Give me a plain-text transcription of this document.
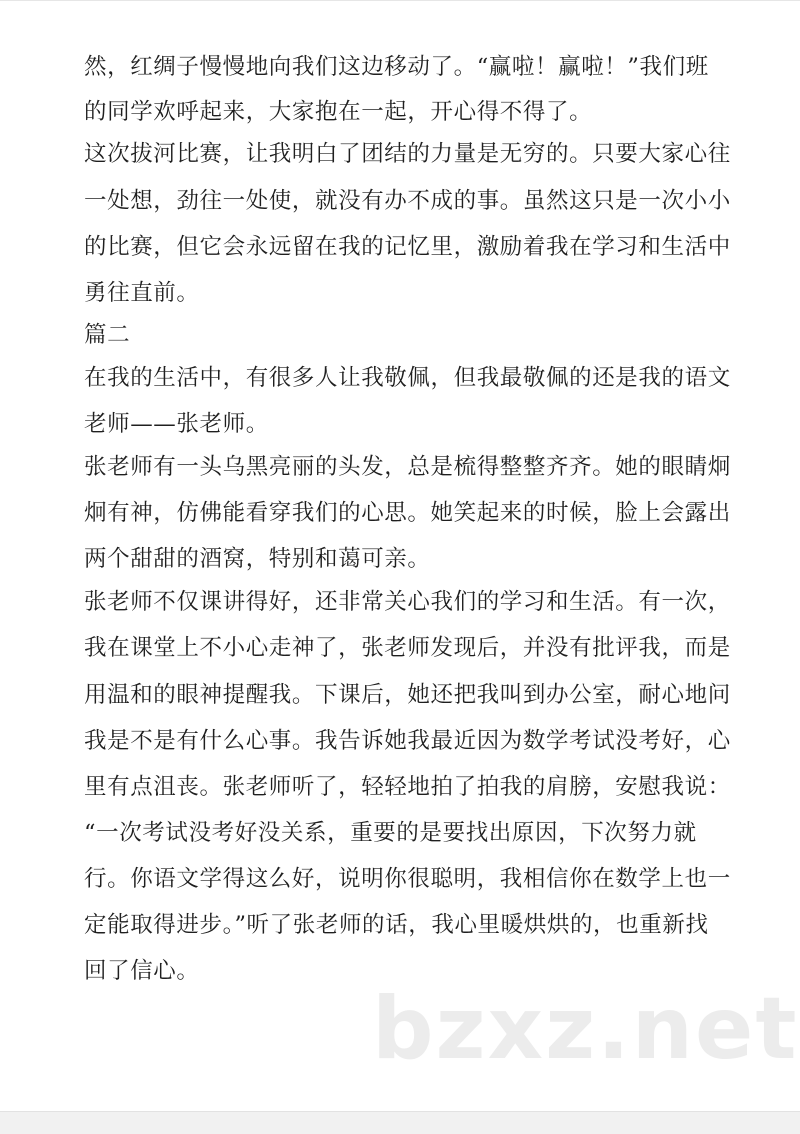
然，红绸子慢慢地向我们这边移动了。“赢啦！赢啦！”我们班
的同学欢呼起来，大家抱在一起，开心得不得了。
这次拔河比赛，让我明白了团结的力量是无穷的。只要大家心往
一处想，劲往一处使，就没有办不成的事。虽然这只是一次小小
的比赛，但它会永远留在我的记忆里，激励着我在学习和生活中
勇往直前。
篇二
在我的生活中，有很多人让我敬佩，但我最敬佩的还是我的语文
老师——张老师。
张老师有一头乌黑亮丽的头发，总是梳得整整齐齐。她的眼睛炯
炯有神，仿佛能看穿我们的心思。她笑起来的时候，脸上会露出
两个甜甜的酒窝，特别和蔼可亲。
张老师不仅课讲得好，还非常关心我们的学习和生活。有一次，
我在课堂上不小心走神了，张老师发现后，并没有批评我，而是
用温和的眼神提醒我。下课后，她还把我叫到办公室，耐心地问
我是不是有什么心事。我告诉她我最近因为数学考试没考好，心
里有点沮丧。张老师听了，轻轻地拍了拍我的肩膀，安慰我说：
“一次考试没考好没关系，重要的是要找出原因，下次努力就
行。你语文学得这么好，说明你很聪明，我相信你在数学上也一
定能取得进步。”听了张老师的话，我心里暖烘烘的，也重新找
回了信心。
bzxz.net
